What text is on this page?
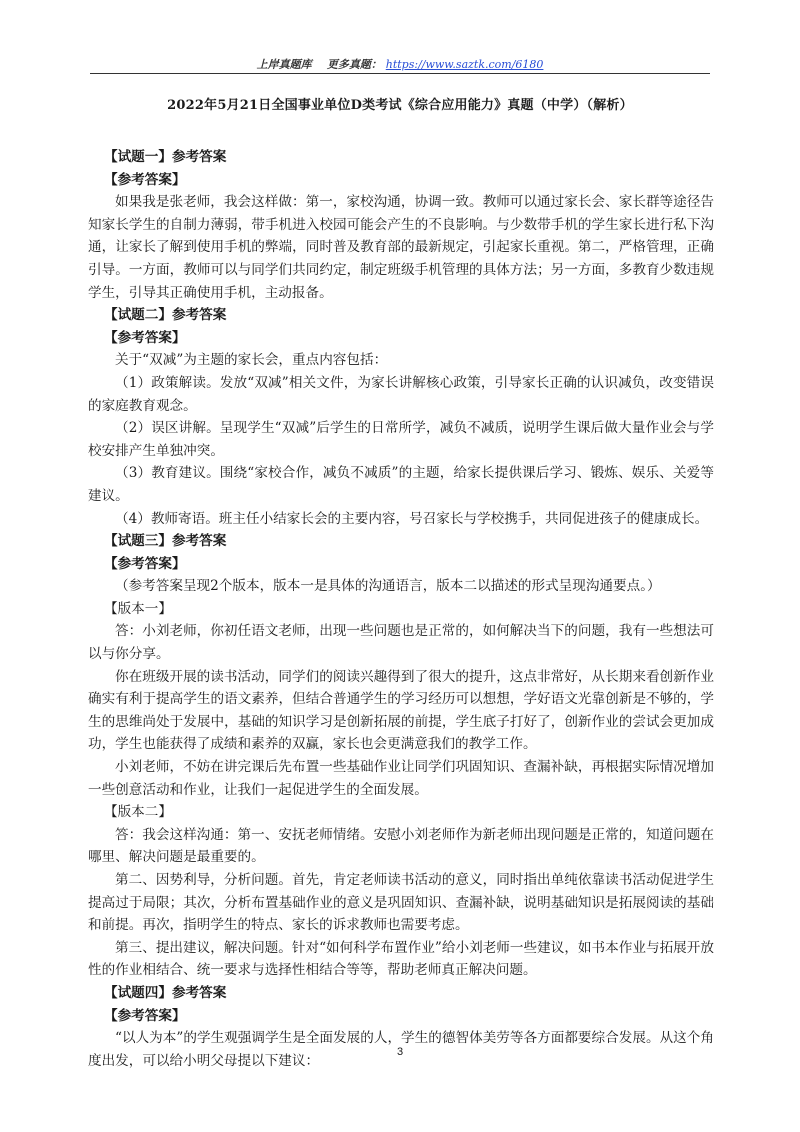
上岸真题库 更多真题： https://www.saztk.com/6180
2022年5月21日全国事业单位D类考试《综合应用能力》真题（中学）（解析）

【试题一】参考答案

【参考答案】

如果我是张老师，我会这样做：第一，家校沟通，协调一致。教师可以通过家长会、家长群等途径告知家长学生的自制力薄弱，带手机进入校园可能会产生的不良影响。与少数带手机的学生家长进行私下沟通，让家长了解到使用手机的弊端，同时普及教育部的最新规定，引起家长重视。第二，严格管理，正确引导。一方面，教师可以与同学们共同约定，制定班级手机管理的具体方法；另一方面，多教育少数违规学生，引导其正确使用手机，主动报备。

【试题二】参考答案

【参考答案】

关于“双减”为主题的家长会，重点内容包括：

（1）政策解读。发放“双减”相关文件，为家长讲解核心政策，引导家长正确的认识减负，改变错误的家庭教育观念。

（2）误区讲解。呈现学生“双减”后学生的日常所学，减负不减质，说明学生课后做大量作业会与学校安排产生单独冲突。

（3）教育建议。围绕“家校合作，减负不减质”的主题，给家长提供课后学习、锻炼、娱乐、关爱等建议。

（4）教师寄语。班主任小结家长会的主要内容，号召家长与学校携手，共同促进孩子的健康成长。

【试题三】参考答案

【参考答案】

（参考答案呈现2个版本，版本一是具体的沟通语言，版本二以描述的形式呈现沟通要点。）

【版本一】

答：小刘老师，你初任语文老师，出现一些问题也是正常的，如何解决当下的问题，我有一些想法可以与你分享。

你在班级开展的读书活动，同学们的阅读兴趣得到了很大的提升，这点非常好，从长期来看创新作业确实有利于提高学生的语文素养，但结合普通学生的学习经历可以想想，学好语文光靠创新是不够的，学生的思维尚处于发展中，基础的知识学习是创新拓展的前提，学生底子打好了，创新作业的尝试会更加成功，学生也能获得了成绩和素养的双赢，家长也会更满意我们的教学工作。

小刘老师，不妨在讲完课后先布置一些基础作业让同学们巩固知识、查漏补缺，再根据实际情况增加一些创意活动和作业，让我们一起促进学生的全面发展。

【版本二】

答：我会这样沟通：第一、安抚老师情绪。安慰小刘老师作为新老师出现问题是正常的，知道问题在哪里、解决问题是最重要的。

第二、因势利导，分析问题。首先，肯定老师读书活动的意义，同时指出单纯依靠读书活动促进学生提高过于局限；其次，分析布置基础作业的意义是巩固知识、查漏补缺，说明基础知识是拓展阅读的基础和前提。再次，指明学生的特点、家长的诉求教师也需要考虑。

第三、提出建议，解决问题。针对“如何科学布置作业”给小刘老师一些建议，如书本作业与拓展开放性的作业相结合、统一要求与选择性相结合等等，帮助老师真正解决问题。

【试题四】参考答案

【参考答案】

“以人为本”的学生观强调学生是全面发展的人，学生的德智体美劳等各方面都要综合发展。从这个角度出发，可以给小明父母提以下建议：

3
